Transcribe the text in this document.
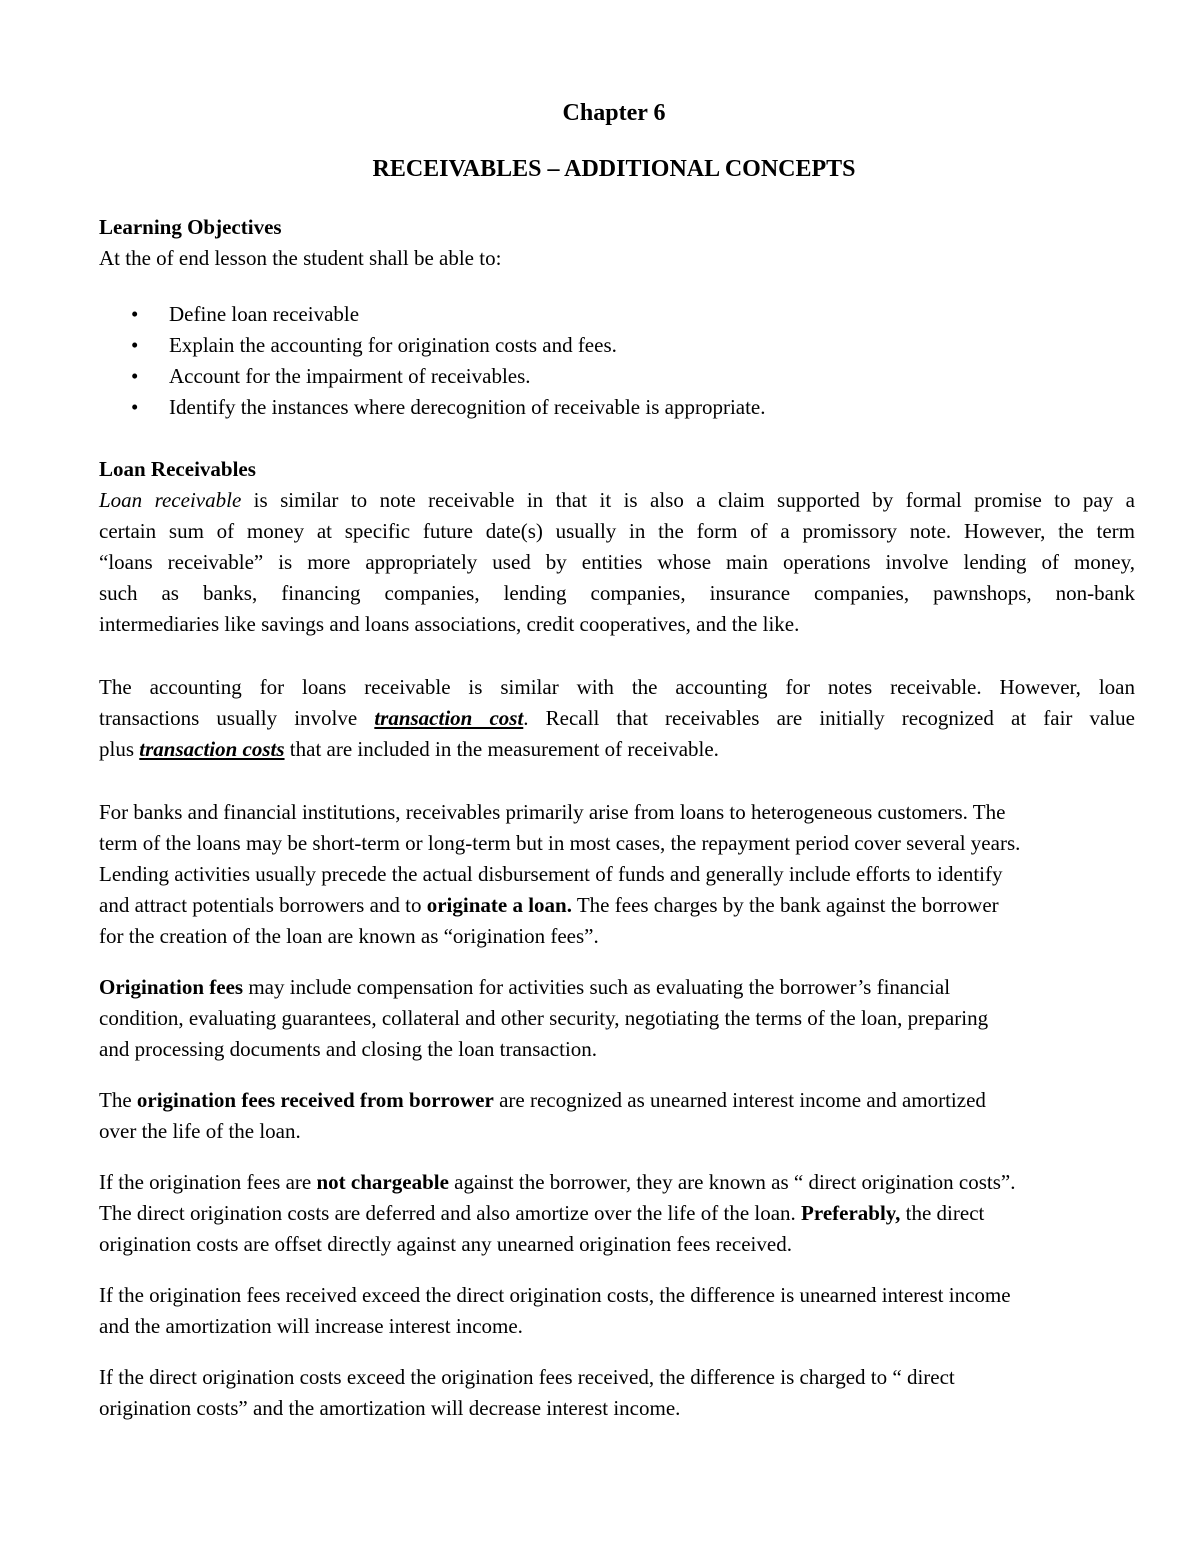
Chapter 6
RECEIVABLES – ADDITIONAL CONCEPTS
Learning Objectives
At the of end lesson the student shall be able to:
• Define loan receivable
• Explain the accounting for origination costs and fees.
• Account for the impairment of receivables.
• Identify the instances where derecognition of receivable is appropriate.
Loan Receivables
Loan receivable is similar to note receivable in that it is also a claim supported by formal promise to pay a
certain sum of money at specific future date(s) usually in the form of a promissory note. However, the term
“loans receivable” is more appropriately used by entities whose main operations involve lending of money,
such as banks, financing companies, lending companies, insurance companies, pawnshops, non-bank
intermediaries like savings and loans associations, credit cooperatives, and the like.
The accounting for loans receivable is similar with the accounting for notes receivable. However, loan
transactions usually involve transaction cost. Recall that receivables are initially recognized at fair value
plus transaction costs that are included in the measurement of receivable.
For banks and financial institutions, receivables primarily arise from loans to heterogeneous customers. The
term of the loans may be short-term or long-term but in most cases, the repayment period cover several years.
Lending activities usually precede the actual disbursement of funds and generally include efforts to identify
and attract potentials borrowers and to originate a loan. The fees charges by the bank against the borrower
for the creation of the loan are known as “origination fees”.
Origination fees may include compensation for activities such as evaluating the borrower’s financial
condition, evaluating guarantees, collateral and other security, negotiating the terms of the loan, preparing
and processing documents and closing the loan transaction.
The origination fees received from borrower are recognized as unearned interest income and amortized
over the life of the loan.
If the origination fees are not chargeable against the borrower, they are known as “ direct origination costs”.
The direct origination costs are deferred and also amortize over the life of the loan. Preferably, the direct
origination costs are offset directly against any unearned origination fees received.
If the origination fees received exceed the direct origination costs, the difference is unearned interest income
and the amortization will increase interest income.
If the direct origination costs exceed the origination fees received, the difference is charged to “ direct
origination costs” and the amortization will decrease interest income.
